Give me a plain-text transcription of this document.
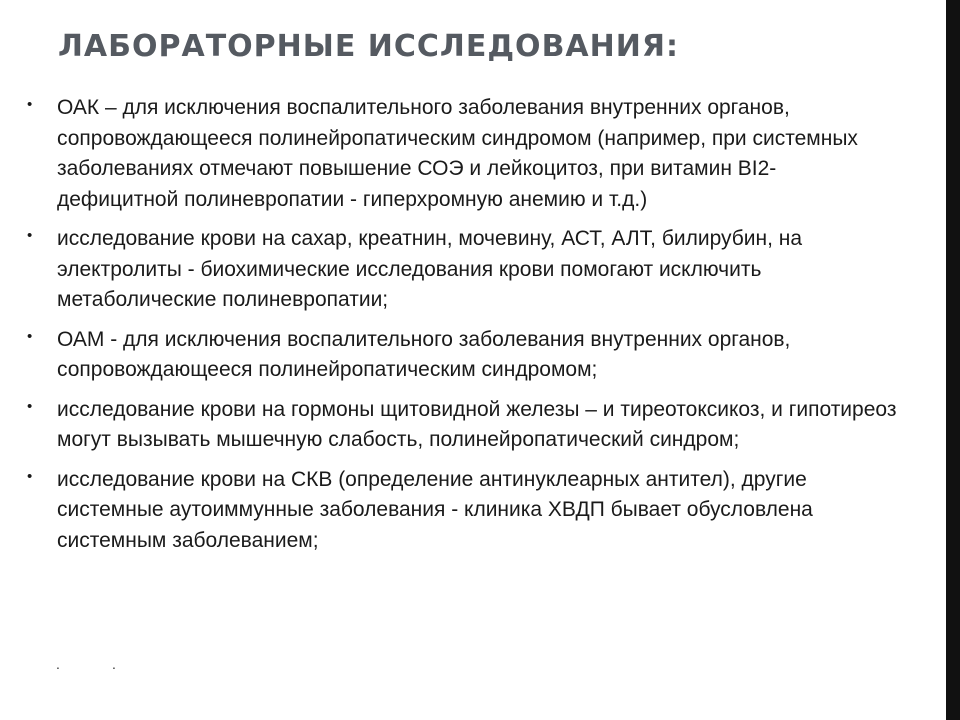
ЛАБОРАТОРНЫЕ ИССЛЕДОВАНИЯ:
• ОАК – для исключения воспалительного заболевания внутренних органов, сопровождающееся полинейропатическим синдромом (например, при системных заболеваниях отмечают повышение СОЭ и лейкоцитоз, при витамин BI2-дефицитной полиневропатии - гиперхромную анемию и т.д.)
• исследование крови на сахар, креатнин, мочевину, АСТ, АЛТ, билирубин, на электролиты - биохимические исследования крови помогают исключить метаболические полиневропатии;
• ОАМ - для исключения воспалительного заболевания внутренних органов, сопровождающееся полинейропатическим синдромом;
• исследование крови на гормоны щитовидной железы – и тиреотоксикоз, и гипотиреоз могут вызывать мышечную слабость, полинейропатический синдром;
• исследование крови на СКВ (определение антинуклеарных антител), другие системные аутоиммунные заболевания - клиника ХВДП бывает обусловлена системным заболеванием;
.	.
